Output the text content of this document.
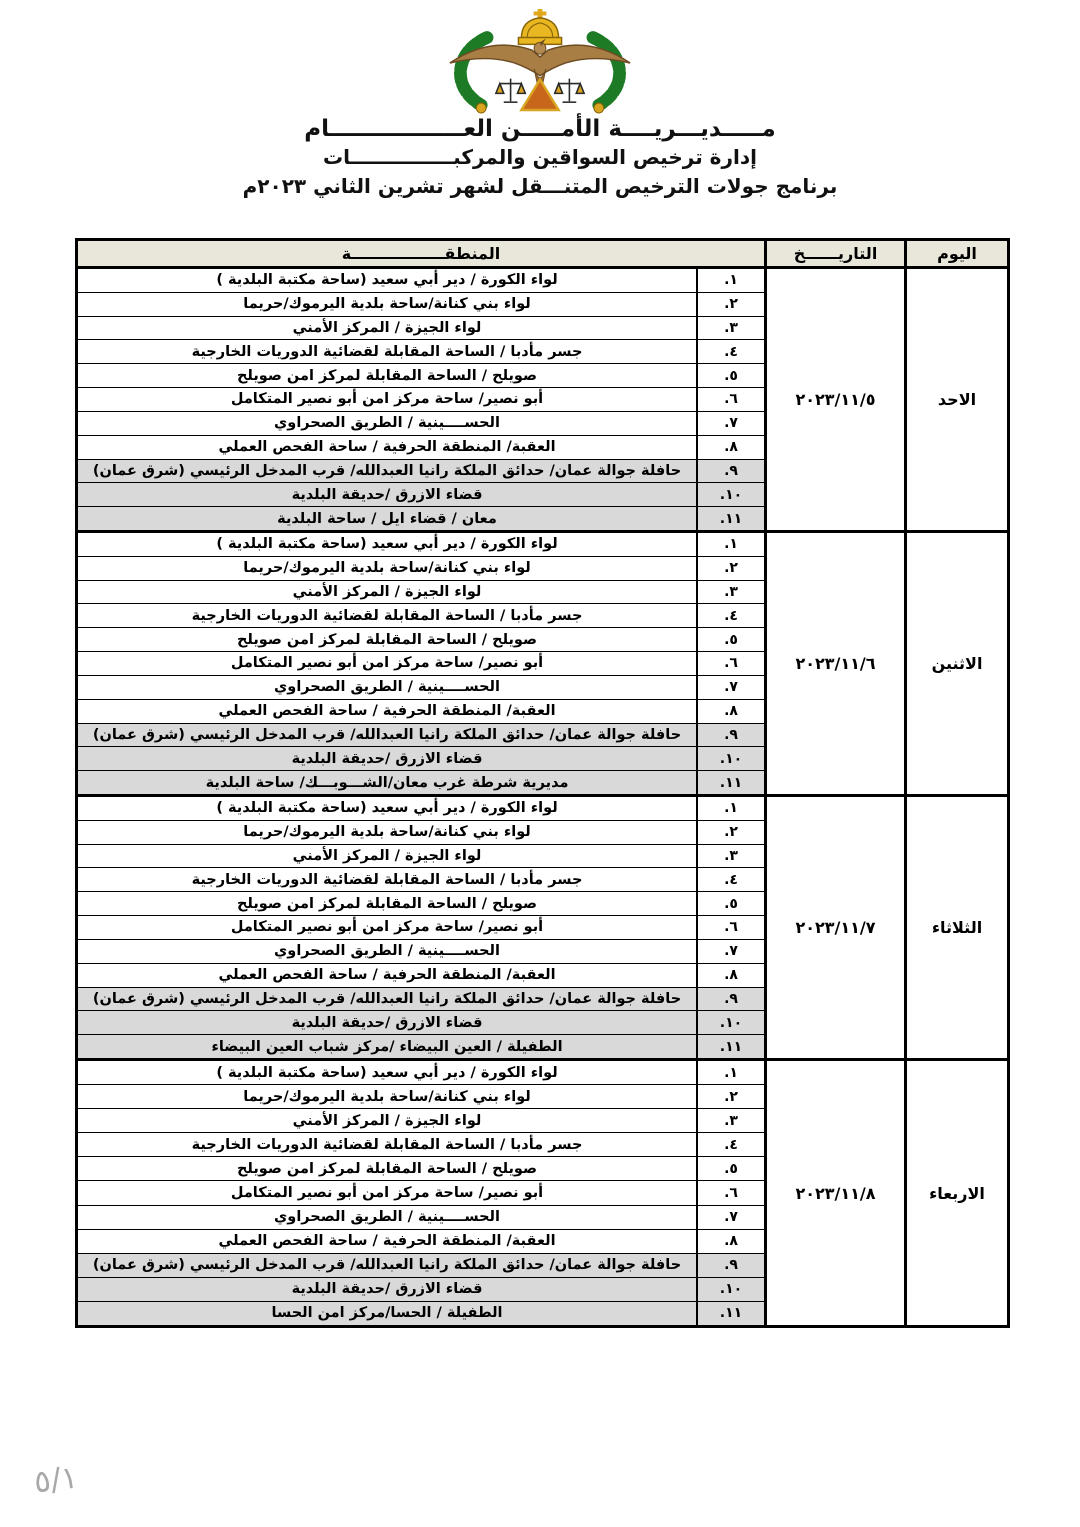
مـــــديـــريــــة الأمـــــن العـــــــــــــــــام
إدارة ترخيص السواقين والمركبـــــــــــــــات
برنامج جولات الترخيص المتنـــقل لشهر تشرين الثاني ٢٠٢٣م
اليوم
التاريــــــخ
المنطقـــــــــــــــــة
الاحد
٢٠٢٣/١١/٥
١.
لواء الكورة / دير أبي سعيد (ساحة مكتبة البلدية )
٢.
لواء بني كنانة/ساحة بلدية اليرموك/حريما
٣.
لواء الجيزة / المركز الأمني
٤.
جسر مأدبا / الساحة المقابلة لقضائية الدوريات الخارجية
٥.
صويلح / الساحة المقابلة لمركز امن صويلح
٦.
أبو نصير/ ساحة مركز امن أبو نصير المتكامل
٧.
الحســــينية / الطريق الصحراوي
٨.
العقبة/ المنطقة الحرفية / ساحة الفحص العملي
٩.
حافلة جوالة عمان/ حدائق الملكة رانيا العبدالله/ قرب المدخل الرئيسي (شرق عمان)
١٠.
قضاء الازرق /حديقة البلدية
١١.
معان / قضاء ايل / ساحة البلدية
الاثنين
٢٠٢٣/١١/٦
١.
لواء الكورة / دير أبي سعيد (ساحة مكتبة البلدية )
٢.
لواء بني كنانة/ساحة بلدية اليرموك/حريما
٣.
لواء الجيزة / المركز الأمني
٤.
جسر مأدبا / الساحة المقابلة لقضائية الدوريات الخارجية
٥.
صويلح / الساحة المقابلة لمركز امن صويلح
٦.
أبو نصير/ ساحة مركز امن أبو نصير المتكامل
٧.
الحســــينية / الطريق الصحراوي
٨.
العقبة/ المنطقة الحرفية / ساحة الفحص العملي
٩.
حافلة جوالة عمان/ حدائق الملكة رانيا العبدالله/ قرب المدخل الرئيسي (شرق عمان)
١٠.
قضاء الازرق /حديقة البلدية
١١.
مديرية شرطة غرب معان/الشـــوبـــك/ ساحة البلدية
الثلاثاء
٢٠٢٣/١١/٧
١.
لواء الكورة / دير أبي سعيد (ساحة مكتبة البلدية )
٢.
لواء بني كنانة/ساحة بلدية اليرموك/حريما
٣.
لواء الجيزة / المركز الأمني
٤.
جسر مأدبا / الساحة المقابلة لقضائية الدوريات الخارجية
٥.
صويلح / الساحة المقابلة لمركز امن صويلح
٦.
أبو نصير/ ساحة مركز امن أبو نصير المتكامل
٧.
الحســــينية / الطريق الصحراوي
٨.
العقبة/ المنطقة الحرفية / ساحة الفحص العملي
٩.
حافلة جوالة عمان/ حدائق الملكة رانيا العبدالله/ قرب المدخل الرئيسي (شرق عمان)
١٠.
قضاء الازرق /حديقة البلدية
١١.
الطفيلة / العين البيضاء /مركز شباب العين البيضاء
الاربعاء
٢٠٢٣/١١/٨
١.
لواء الكورة / دير أبي سعيد (ساحة مكتبة البلدية )
٢.
لواء بني كنانة/ساحة بلدية اليرموك/حريما
٣.
لواء الجيزة / المركز الأمني
٤.
جسر مأدبا / الساحة المقابلة لقضائية الدوريات الخارجية
٥.
صويلح / الساحة المقابلة لمركز امن صويلح
٦.
أبو نصير/ ساحة مركز امن أبو نصير المتكامل
٧.
الحســــينية / الطريق الصحراوي
٨.
العقبة/ المنطقة الحرفية / ساحة الفحص العملي
٩.
حافلة جوالة عمان/ حدائق الملكة رانيا العبدالله/ قرب المدخل الرئيسي (شرق عمان)
١٠.
قضاء الازرق /حديقة البلدية
١١.
الطفيلة / الحسا/مركز امن الحسا
٥/١
